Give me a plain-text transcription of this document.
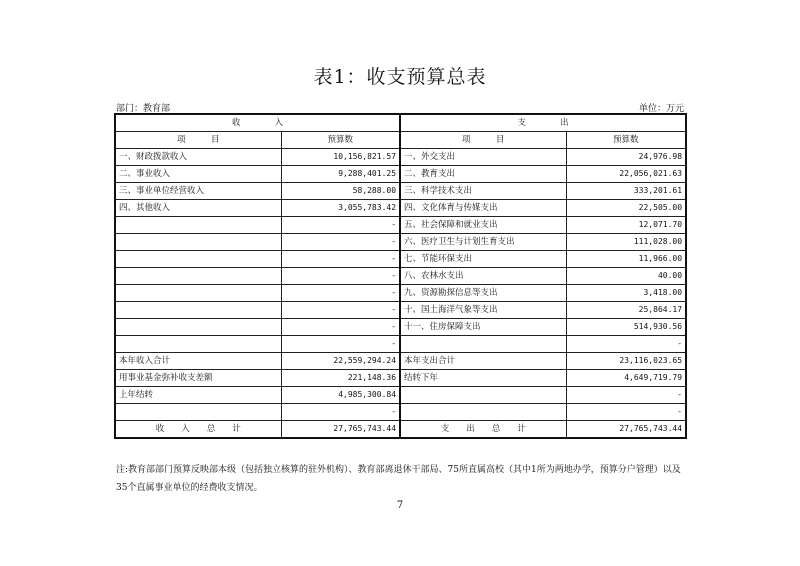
表1：收支预算总表
部门：教育部	单位：万元
收　　　　入		支　　　　出	
项　　　目	预算数	项　　　目	预算数
一、财政拨款收入	10,156,821.57	一、外交支出	24,976.98
二、事业收入	9,288,401.25	二、教育支出	22,056,021.63
三、事业单位经营收入	58,288.00	三、科学技术支出	333,201.61
四、其他收入	3,055,783.42	四、文化体育与传媒支出	22,505.00
	-	五、社会保障和就业支出	12,071.70
	-	六、医疗卫生与计划生育支出	111,028.00
	-	七、节能环保支出	11,966.00
	-	八、农林水支出	40.00
	-	九、资源勘探信息等支出	3,418.00
	-	十、国土海洋气象等支出	25,864.17
	-	十一、住房保障支出	514,930.56
	-		-
本年收入合计	22,559,294.24	本年支出合计	23,116,023.65
用事业基金弥补收支差额	221,148.36	结转下年	4,649,719.79
上年结转	4,985,300.84		-
	-		-
收　　入　　总　　计	27,765,743.44	支　　出　　总　　计	27,765,743.44
注:教育部部门预算反映部本级（包括独立核算的驻外机构）、教育部离退休干部局、75所直属高校（其中1所为两地办学，预算分户管理）以及35个直属事业单位的经费收支情况。
7
